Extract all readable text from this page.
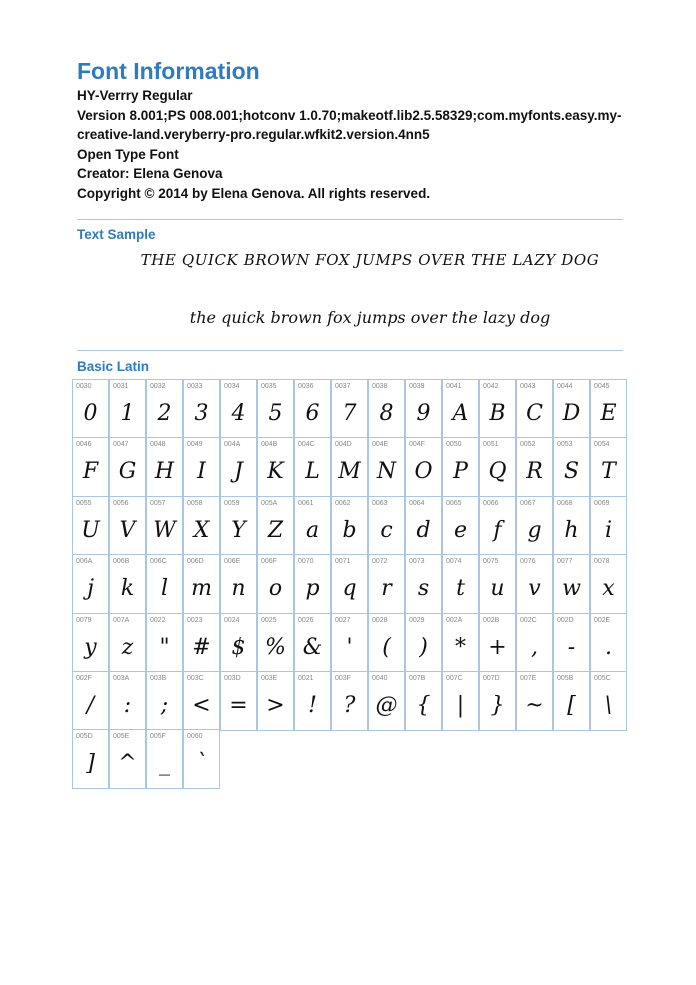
Font Information
HY-Verrry Regular
Version 8.001;PS 008.001;hotconv 1.0.70;makeotf.lib2.5.58329;com.myfonts.easy.my-
creative-land.veryberry-pro.regular.wfkit2.version.4nn5
Open Type Font
Creator: Elena Genova
Copyright © 2014 by Elena Genova. All rights reserved.
Text Sample
THE QUICK BROWN FOX JUMPS OVER THE LAZY DOG
the quick brown fox jumps over the lazy dog
Basic Latin
0030
0
0031
1
0032
2
0033
3
0034
4
0035
5
0036
6
0037
7
0038
8
0039
9
0041
A
0042
B
0043
C
0044
D
0045
E
0046
F
0047
G
0048
H
0049
I
004A
J
004B
K
004C
L
004D
M
004E
N
004F
O
0050
P
0051
Q
0052
R
0053
S
0054
T
0055
U
0056
V
0057
W
0058
X
0059
Y
005A
Z
0061
a
0062
b
0063
c
0064
d
0065
e
0066
f
0067
g
0068
h
0069
i
006A
j
006B
k
006C
l
006D
m
006E
n
006F
o
0070
p
0071
q
0072
r
0073
s
0074
t
0075
u
0076
v
0077
w
0078
x
0079
y
007A
z
0022
"
0023
#
0024
$
0025
%
0026
&
0027
'
0028
(
0029
)
002A
*
002B
+
002C
,
002D
-
002E
.
002F
/
003A
:
003B
;
003C
<
003D
=
003E
>
0021
!
003F
?
0040
@
007B
{
007C
|
007D
}
007E
~
005B
[
005C
\
005D
]
005E
^
005F
_
0060
`
